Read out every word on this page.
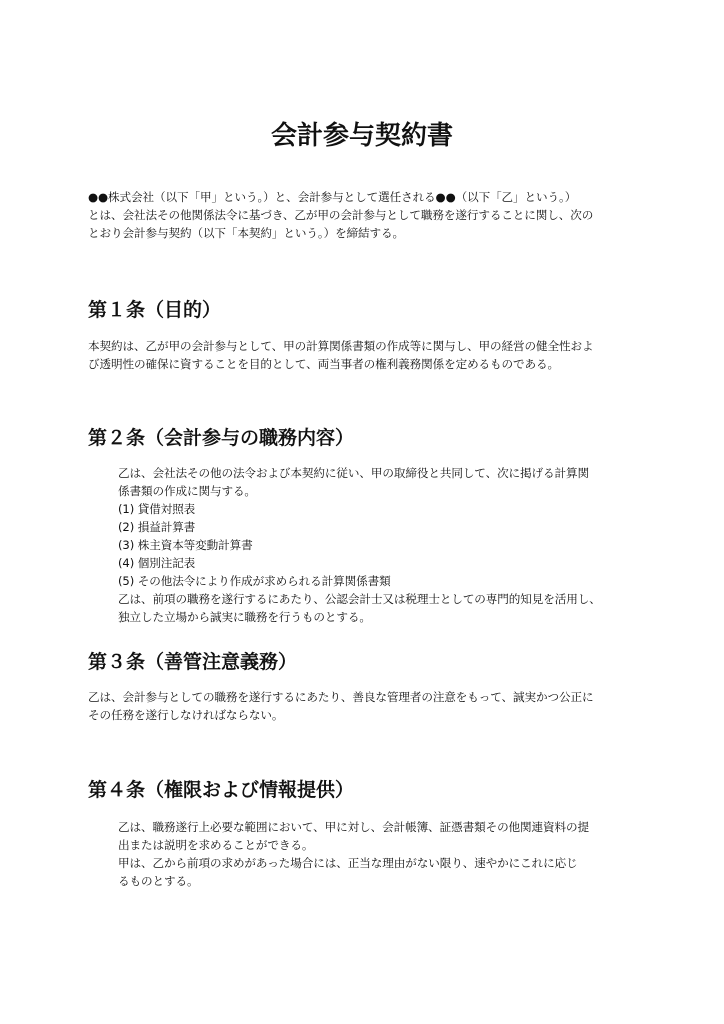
会計参与契約書
●●株式会社（以下「甲」という。）と、会計参与として選任される●●（以下「乙」という。）
とは、会社法その他関係法令に基づき、乙が甲の会計参与として職務を遂行することに関し、次の
とおり会計参与契約（以下「本契約」という。）を締結する。
第１条（目的）
本契約は、乙が甲の会計参与として、甲の計算関係書類の作成等に関与し、甲の経営の健全性およ
び透明性の確保に資することを目的として、両当事者の権利義務関係を定めるものである。
第２条（会計参与の職務内容）
乙は、会社法その他の法令および本契約に従い、甲の取締役と共同して、次に掲げる計算関
係書類の作成に関与する。
(1) 貸借対照表
(2) 損益計算書
(3) 株主資本等変動計算書
(4) 個別注記表
(5) その他法令により作成が求められる計算関係書類
乙は、前項の職務を遂行するにあたり、公認会計士又は税理士としての専門的知見を活用し、
独立した立場から誠実に職務を行うものとする。
第３条（善管注意義務）
乙は、会計参与としての職務を遂行するにあたり、善良な管理者の注意をもって、誠実かつ公正に
その任務を遂行しなければならない。
第４条（権限および情報提供）
乙は、職務遂行上必要な範囲において、甲に対し、会計帳簿、証憑書類その他関連資料の提
出または説明を求めることができる。
甲は、乙から前項の求めがあった場合には、正当な理由がない限り、速やかにこれに応じ
るものとする。
